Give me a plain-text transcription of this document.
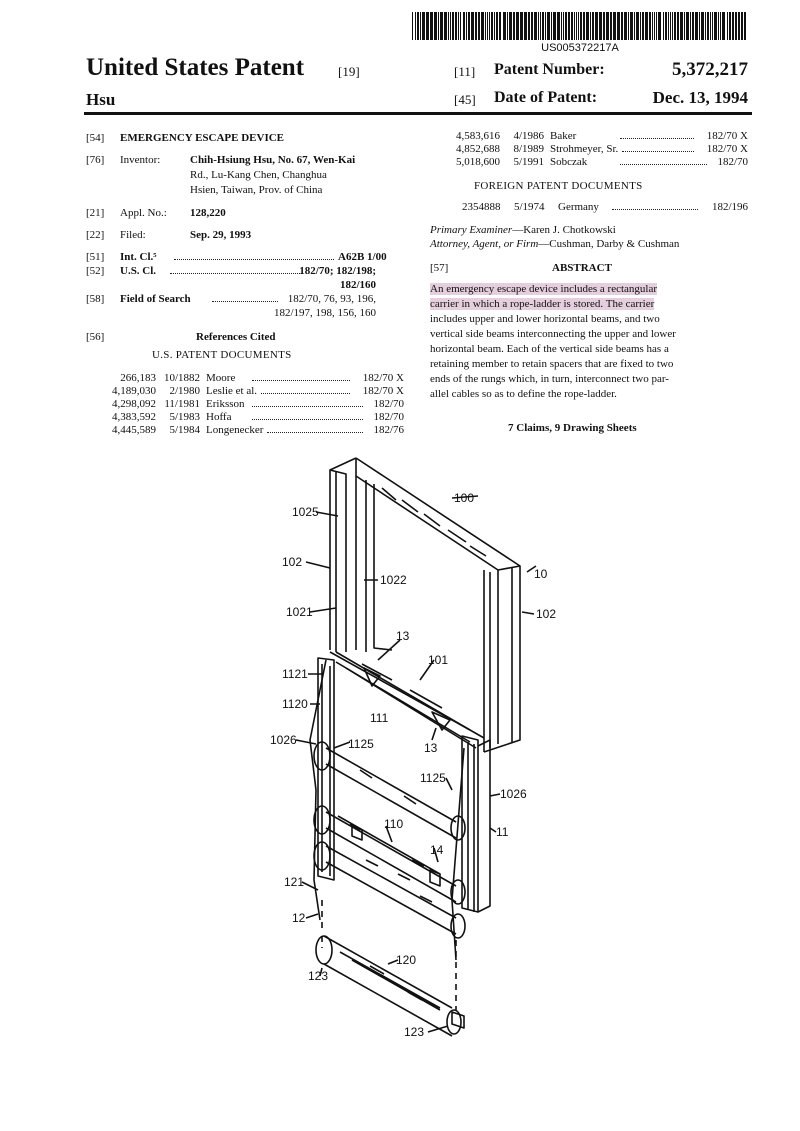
US005372217A
United States Patent	[19]
Hsu
[11] Patent Number:	5,372,217
[45] Date of Patent:	Dec. 13, 1994
[54] EMERGENCY ESCAPE DEVICE
[76] Inventor:	Chih-Hsiung Hsu, No. 67, Wen-Kai
Rd., Lu-Kang Chen, Changhua
Hsien, Taiwan, Prov. of China
[21] Appl. No.: 128,220
[22] Filed:	Sep. 29, 1993
[51] Int. Cl.⁵	A62B 1/00
[52] U.S. Cl.	182/70; 182/198;
182/160
[58] Field of Search	182/70, 76, 93, 196,
182/197, 198, 156, 160
[56]	References Cited
U.S. PATENT DOCUMENTS
266,183 10/1882 Moore	182/70 X
4,189,030	2/1980 Leslie et al.	182/70 X
4,298,092 11/1981 Eriksson	182/70
4,383,592	5/1983 Hoffa	182/70
4,445,589	5/1984 Longenecker	182/76
4,583,616	4/1986 Baker	182/70 X
4,852,688	8/1989 Strohmeyer, Sr.	182/70 X
5,018,600	5/1991 Sobczak	182/70
FOREIGN PATENT DOCUMENTS
2354888 5/1974 Germany	182/196
Primary Examiner—Karen J. Chotkowski
Attorney, Agent, or Firm—Cushman, Darby & Cushman
[57]	ABSTRACT
An emergency escape device includes a rectangular
carrier in which a rope-ladder is stored. The carrier
includes upper and lower horizontal beams, and two
vertical side beams interconnecting the upper and lower
horizontal beam. Each of the vertical side beams has a
retaining member to retain spacers that are fixed to two
ends of the rungs which, in turn, interconnect two par-
allel cables so as to define the rope-ladder.
7 Claims, 9 Drawing Sheets
100
1025
102
10
1022
1021	102
13
101
1121
1120
111
1026	1125	13
1125
1026
110
11
14
121
12
120
123
123
